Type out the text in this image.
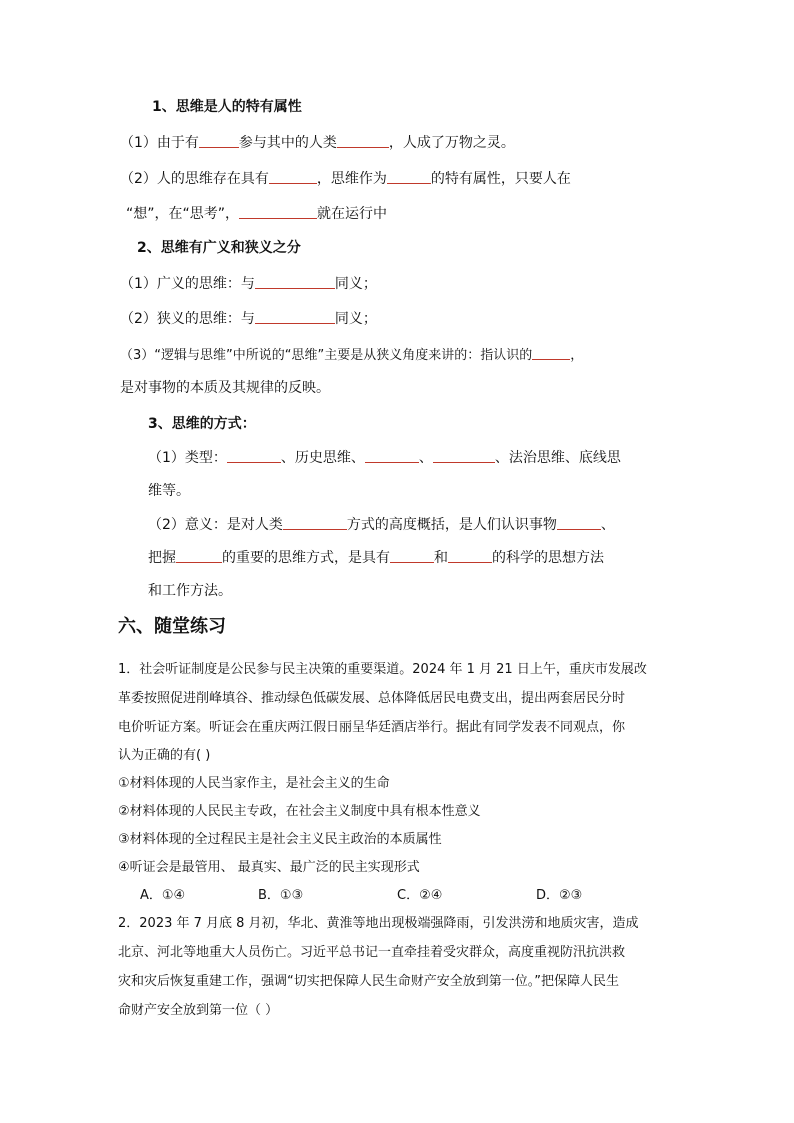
1、思维是人的特有属性
（1）由于有	参与其中的人类	，人成了万物之灵。
（2）人的思维存在具有	，思维作为	的特有属性，只要人在
“想”，在“思考”，	就在运行中
2、思维有广义和狭义之分
（1）广义的思维：与	同义；
（2）狭义的思维：与	同义；
（3）“逻辑与思维”中所说的“思维”主要是从狭义角度来讲的：指认识的	，
是对事物的本质及其规律的反映。
3、思维的方式：
（1）类型：	、历史思维、	、	、法治思维、底线思
维等。
（2）意义：是对人类	方式的高度概括，是人们认识事物	、
把握	的重要的思维方式，是具有	和	的科学的思想方法
和工作方法。
六、随堂练习
1．社会听证制度是公民参与民主决策的重要渠道。2024 年 1 月 21 日上午，重庆市发展改
革委按照促进削峰填谷、推动绿色低碳发展、总体降低居民电费支出，提出两套居民分时
电价听证方案。听证会在重庆两江假日丽呈华廷酒店举行。据此有同学发表不同观点，你
认为正确的有( )
①材料体现的人民当家作主，是社会主义的生命
②材料体现的人民民主专政，在社会主义制度中具有根本性意义
③材料体现的全过程民主是社会主义民主政治的本质属性
④听证会是最管用、 最真实、最广泛的民主实现形式
A．①④	B．①③	C．②④	D．②③
2．2023 年 7 月底 8 月初，华北、黄淮等地出现极端强降雨，引发洪涝和地质灾害，造成
北京、河北等地重大人员伤亡。习近平总书记一直牵挂着受灾群众，高度重视防汛抗洪救
灾和灾后恢复重建工作，强调“切实把保障人民生命财产安全放到第一位。”把保障人民生
命财产安全放到第一位（ ）
